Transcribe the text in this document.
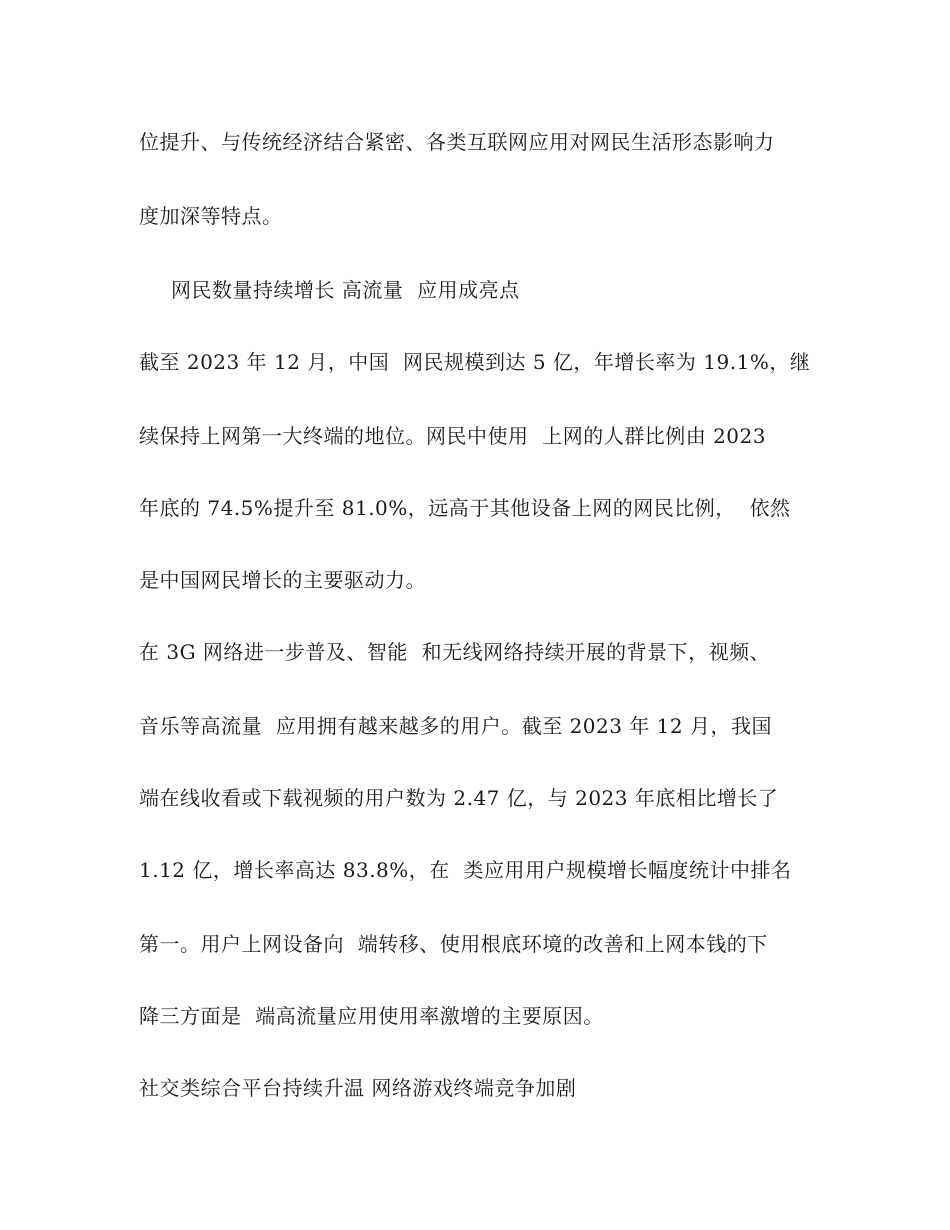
位提升、与传统经济结合紧密、各类互联网应用对网民生活形态影响力
度加深等特点。
网民数量持续增长 高流量  应用成亮点
截至 2023 年 12 月，中国  网民规模到达 5 亿，年增长率为 19.1%，继
续保持上网第一大终端的地位。网民中使用  上网的人群比例由 2023
年底的 74.5%提升至 81.0%，远高于其他设备上网的网民比例，  依然
是中国网民增长的主要驱动力。
在 3G 网络进一步普及、智能  和无线网络持续开展的背景下，视频、
音乐等高流量  应用拥有越来越多的用户。截至 2023 年 12 月，我国
端在线收看或下载视频的用户数为 2.47 亿，与 2023 年底相比增长了
1.12 亿，增长率高达 83.8%，在  类应用用户规模增长幅度统计中排名
第一。用户上网设备向  端转移、使用根底环境的改善和上网本钱的下
降三方面是  端高流量应用使用率激增的主要原因。
社交类综合平台持续升温 网络游戏终端竞争加剧
